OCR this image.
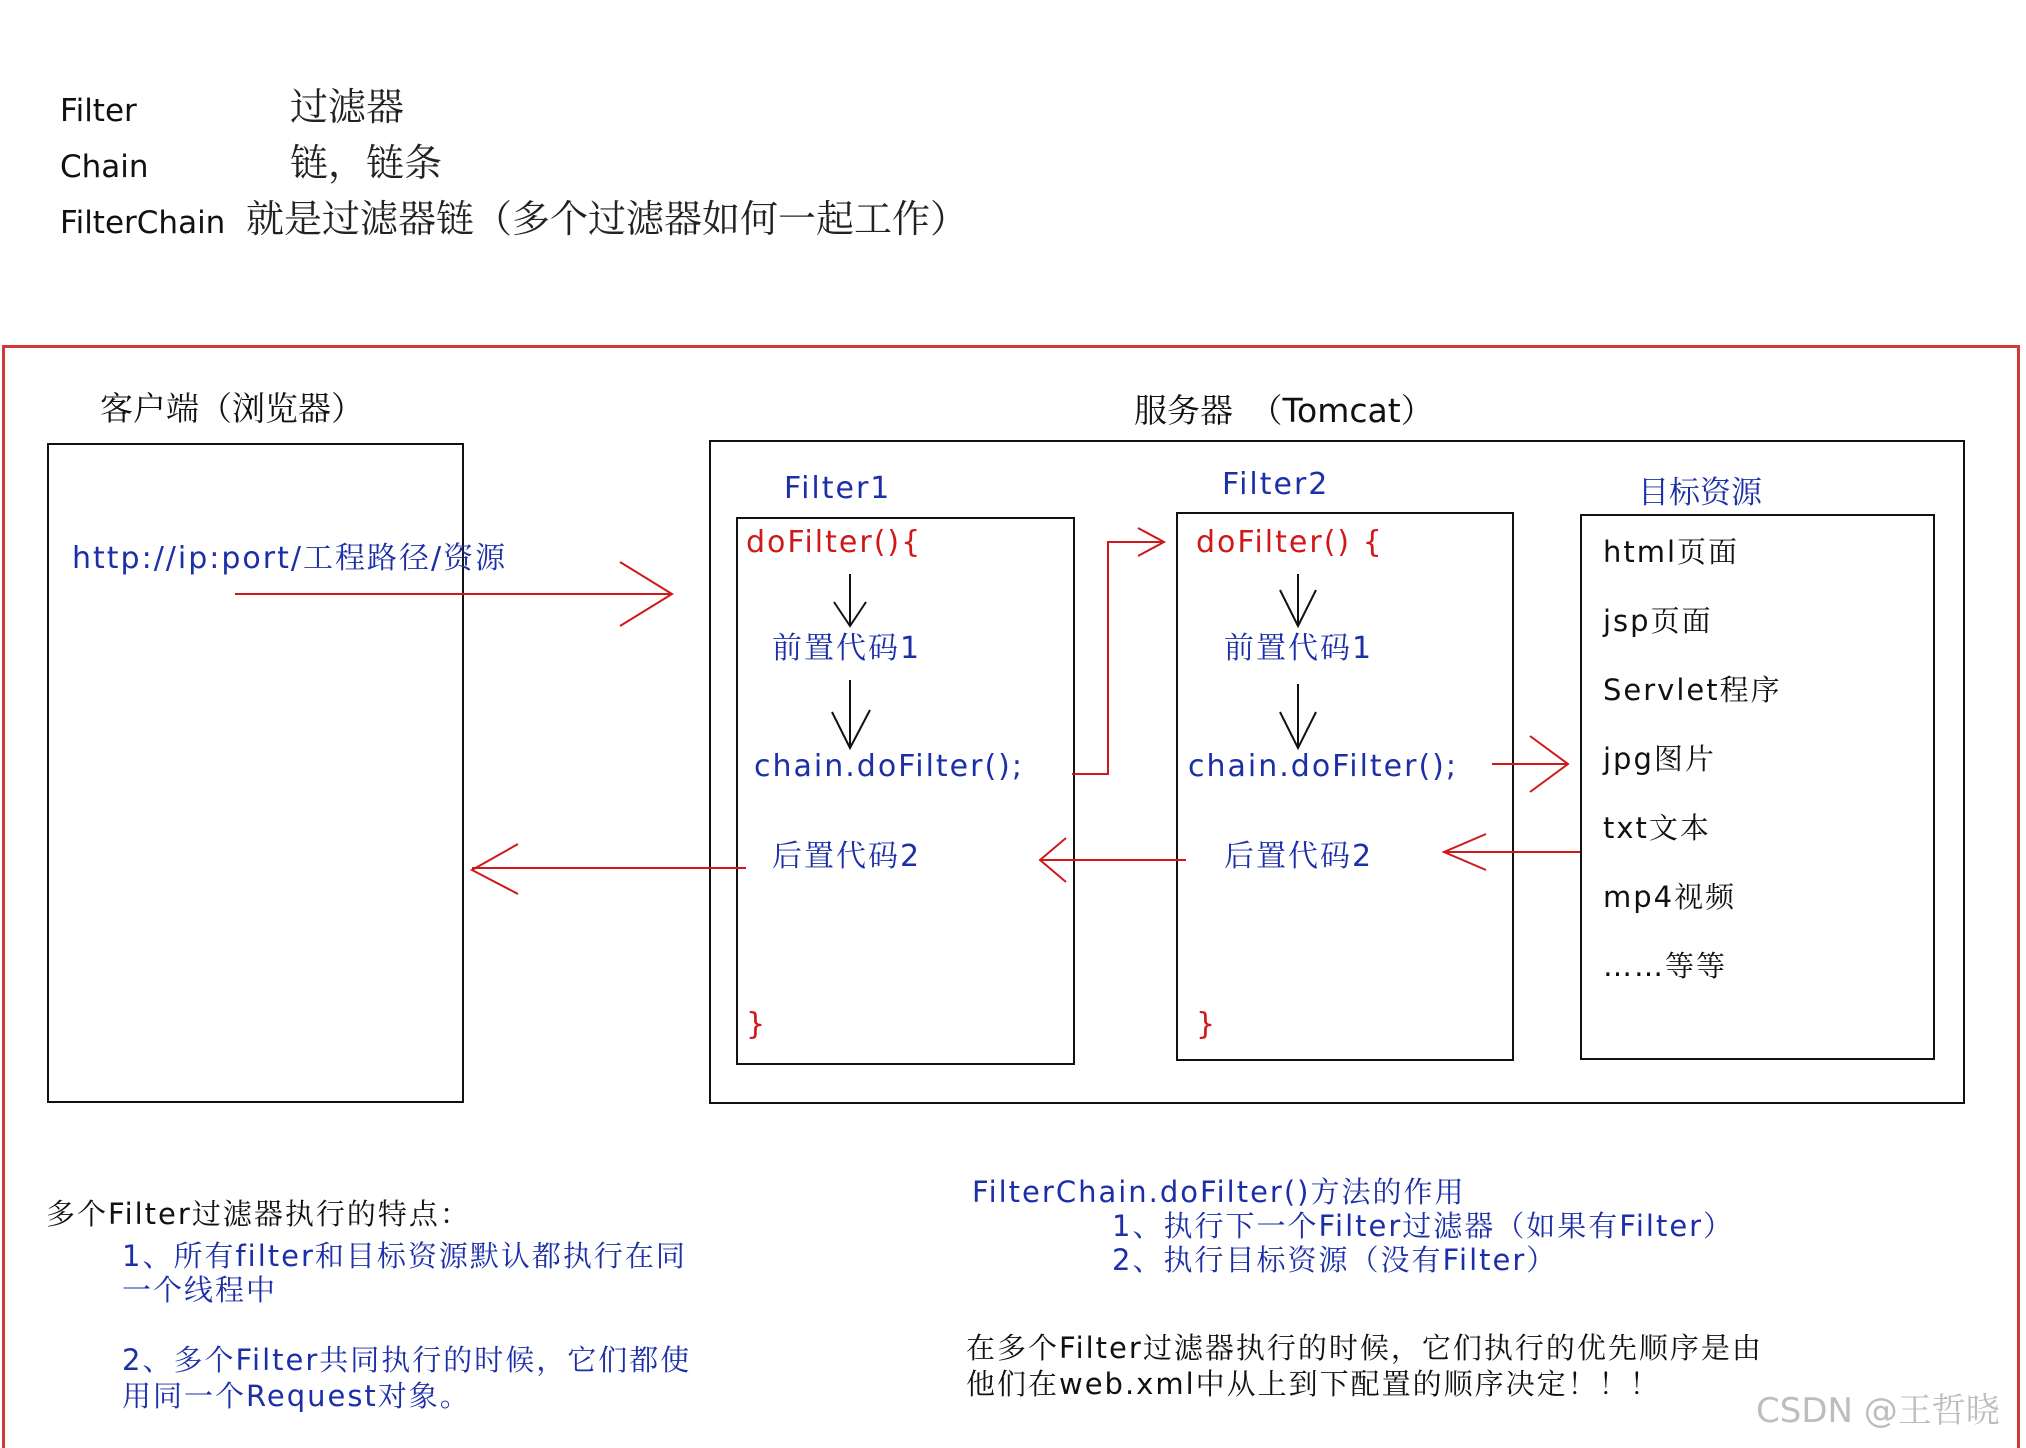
Filter	过滤器
Chain	链，链条
FilterChain 就是过滤器链（多个过滤器如何一起工作）
客户端（浏览器）
http://ip:port/工程路径/资源
服务器　（Tomcat）
Filter1
doFilter(){
前置代码1
chain.doFilter();
后置代码2
}
Filter2
doFilter() {
前置代码1
chain.doFilter();
后置代码2
}
目标资源
html页面
jsp页面
Servlet程序
jpg图片
txt文本
mp4视频
……等等
多个Filter过滤器执行的特点：
1、所有filter和目标资源默认都执行在同
一个线程中
2、多个Filter共同执行的时候，它们都使
用同一个Request对象。
FilterChain.doFilter()方法的作用
1、执行下一个Filter过滤器（如果有Filter）
2、执行目标资源（没有Filter）
在多个Filter过滤器执行的时候，它们执行的优先顺序是由
他们在web.xml中从上到下配置的顺序决定！！！
CSDN @王哲晓
